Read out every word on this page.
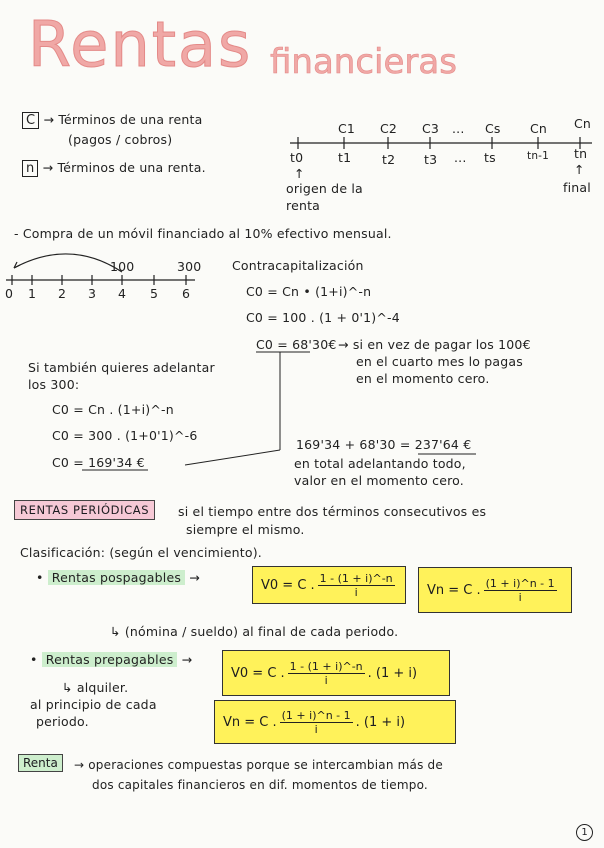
Rentas financieras
C → Términos de una renta
(pagos / cobros)
n → Términos de una renta.
C1 C2 C3 ... Cs Cn Cn
t0	t1 t2 t3 ... ts	tn-1 tn
↑	↑
origen de la renta
final
- Compra de un móvil financiado al 10% efectivo mensual.
100	300
0 1 2 3 4 5 6
Contracapitalización
C0 = Cn • (1+i)^-n
C0 = 100 . (1 + 0'1)^-4
C0 = 68'30€ → si en vez de pagar los 100€
en el cuarto mes lo pagas
en el momento cero.
Si también quieres adelantar
los 300:
C0 = Cn . (1+i)^-n
C0 = 300 . (1+0'1)^-6
C0 = 169'34 €
169'34 + 68'30 = 237'64 €
en total adelantando todo,
valor en el momento cero.
RENTAS PERIÓDICAS	si el tiempo entre dos términos consecutivos es
siempre el mismo.
Clasificación: (según el vencimiento).
• Rentas pospagables →	V0 = C . $\frac{1 - (1 + i)\^{}-n}{i}$ Vn = C . $\frac{(1 + i)\^{}n - 1}{i}$
↳ (nómina / sueldo) al final de cada periodo.
• Rentas prepagables →
V0 = C . $\frac{1 - (1 + i)\^{}-n}{i}$ . (1 + i)
↳ alquiler.
al principio de cada
periodo.	Vn = C . $\frac{(1 + i)\^{}n - 1}{i}$ . (1 + i)
Renta	→ operaciones compuestas porque se intercambian más de
dos capitales financieros en dif. momentos de tiempo.
1
